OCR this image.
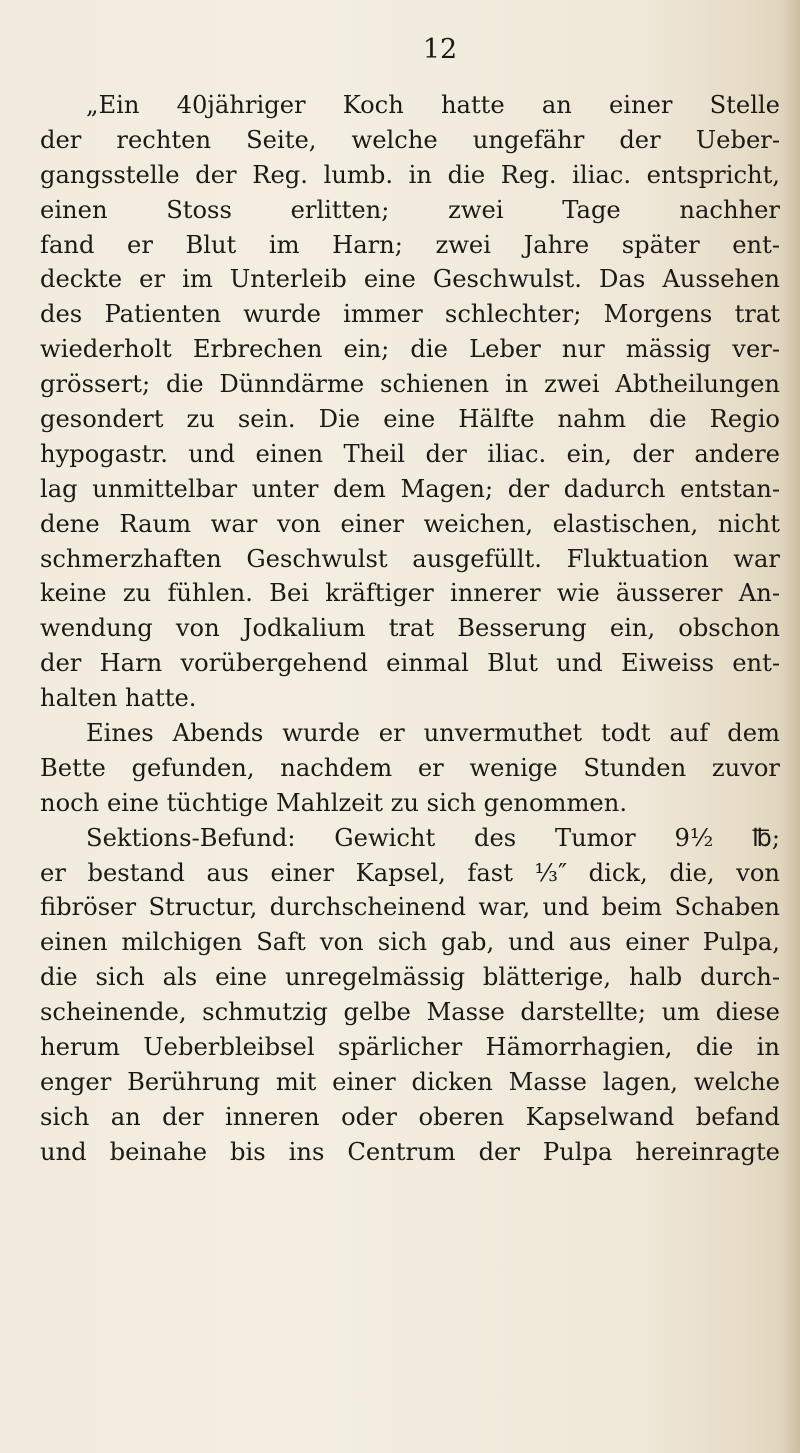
12
„Ein 40jähriger Koch hatte an einer Stelle
der rechten Seite, welche ungefähr der Ueber-
gangsstelle der Reg. lumb. in die Reg. iliac. entspricht,
einen Stoss erlitten; zwei Tage nachher
fand er Blut im Harn; zwei Jahre später ent-
deckte er im Unterleib eine Geschwulst. Das Aussehen
des Patienten wurde immer schlechter; Morgens trat
wiederholt Erbrechen ein; die Leber nur mässig ver-
grössert; die Dünndärme schienen in zwei Abtheilungen
gesondert zu sein. Die eine Hälfte nahm die Regio
hypogastr. und einen Theil der iliac. ein, der andere
lag unmittelbar unter dem Magen; der dadurch entstan-
dene Raum war von einer weichen, elastischen, nicht
schmerzhaften Geschwulst ausgefüllt. Fluktuation war
keine zu fühlen. Bei kräftiger innerer wie äusserer An-
wendung von Jodkalium trat Besserung ein, obschon
der Harn vorübergehend einmal Blut und Eiweiss ent-
halten hatte.
Eines Abends wurde er unvermuthet todt auf dem
Bette gefunden, nachdem er wenige Stunden zuvor
noch eine tüchtige Mahlzeit zu sich genommen.
Sektions-Befund: Gewicht des Tumor 9½ ℔;
er bestand aus einer Kapsel, fast ⅓″ dick, die, von
fibröser Structur, durchscheinend war, und beim Schaben
einen milchigen Saft von sich gab, und aus einer Pulpa,
die sich als eine unregelmässig blätterige, halb durch-
scheinende, schmutzig gelbe Masse darstellte; um diese
herum Ueberbleibsel spärlicher Hämorrhagien, die in
enger Berührung mit einer dicken Masse lagen, welche
sich an der inneren oder oberen Kapselwand befand
und beinahe bis ins Centrum der Pulpa hereinragte
